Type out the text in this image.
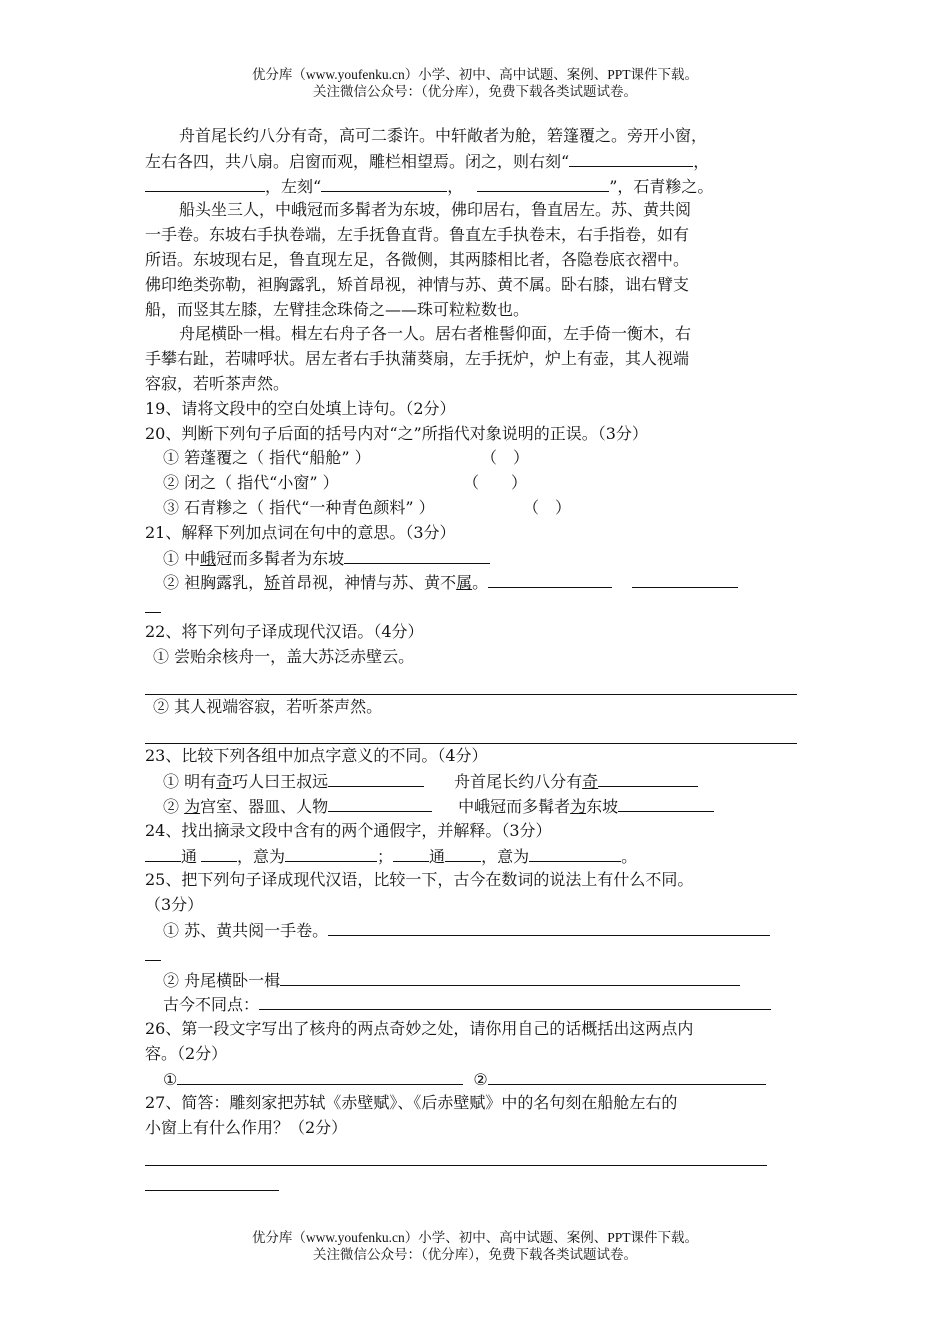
优分库（www.youfenku.cn）小学、初中、高中试题、案例、PPT课件下载。
关注微信公众号：（优分库），免费下载各类试题试卷。
舟首尾长约八分有奇，高可二黍许。中轩敞者为舱，箬篷覆之。旁开小窗，
左右各四，共八扇。启窗而观，雕栏相望焉。闭之，则右刻“	，
，左刻“	，	”，石青糁之。
船头坐三人，中峨冠而多髯者为东坡，佛印居右，鲁直居左。苏、黄共阅
一手卷。东坡右手执卷端，左手抚鲁直背。鲁直左手执卷末，右手指卷，如有
所语。东坡现右足，鲁直现左足，各微侧，其两膝相比者，各隐卷底衣褶中。
佛印绝类弥勒，袒胸露乳，矫首昂视，神情与苏、黄不属。卧右膝，诎右臂支
船，而竖其左膝，左臂挂念珠倚之——珠可粒粒数也。
舟尾横卧一楫。楫左右舟子各一人。居右者椎髻仰面，左手倚一衡木，右
手攀右趾，若啸呼状。居左者右手执蒲葵扇，左手抚炉，炉上有壶，其人视端
容寂，若听茶声然。
19、请将文段中的空白处填上诗句。（2分）
20、判断下列句子后面的括号内对“之”所指代对象说明的正误。（3分）
① 箬蓬覆之（ 指代“船舱” ）	（　）
② 闭之（ 指代“小窗” ）	（　　）
③ 石青糁之（ 指代“一种青色颜料” ）	（　）
21、解释下列加点词在句中的意思。（3分）
① 中峨冠而多髯者为东坡
② 袒胸露乳，矫首昂视，神情与苏、黄不属。
22、将下列句子译成现代汉语。（4分）
① 尝贻余核舟一，盖大苏泛赤壁云。
② 其人视端容寂，若听茶声然。
23、比较下列各组中加点字意义的不同。（4分）
① 明有奇巧人曰王叔远	舟首尾长约八分有奇
② 为宫室、器皿、人物	中峨冠而多髯者为东坡
24、找出摘录文段中含有的两个通假字，并解释。（3分）
通	，意为	； 通 ，意为	。
25、把下列句子译成现代汉语，比较一下，古今在数词的说法上有什么不同。
（3分）
① 苏、黄共阅一手卷。
② 舟尾横卧一楫
古今不同点：
26、第一段文字写出了核舟的两点奇妙之处，请你用自己的话概括出这两点内
容。（2分）
①	②
27、简答：雕刻家把苏轼《赤壁赋》、《后赤壁赋》中的名句刻在船舱左右的
小窗上有什么作用？（2分）
优分库（www.youfenku.cn）小学、初中、高中试题、案例、PPT课件下载。
关注微信公众号：（优分库），免费下载各类试题试卷。
